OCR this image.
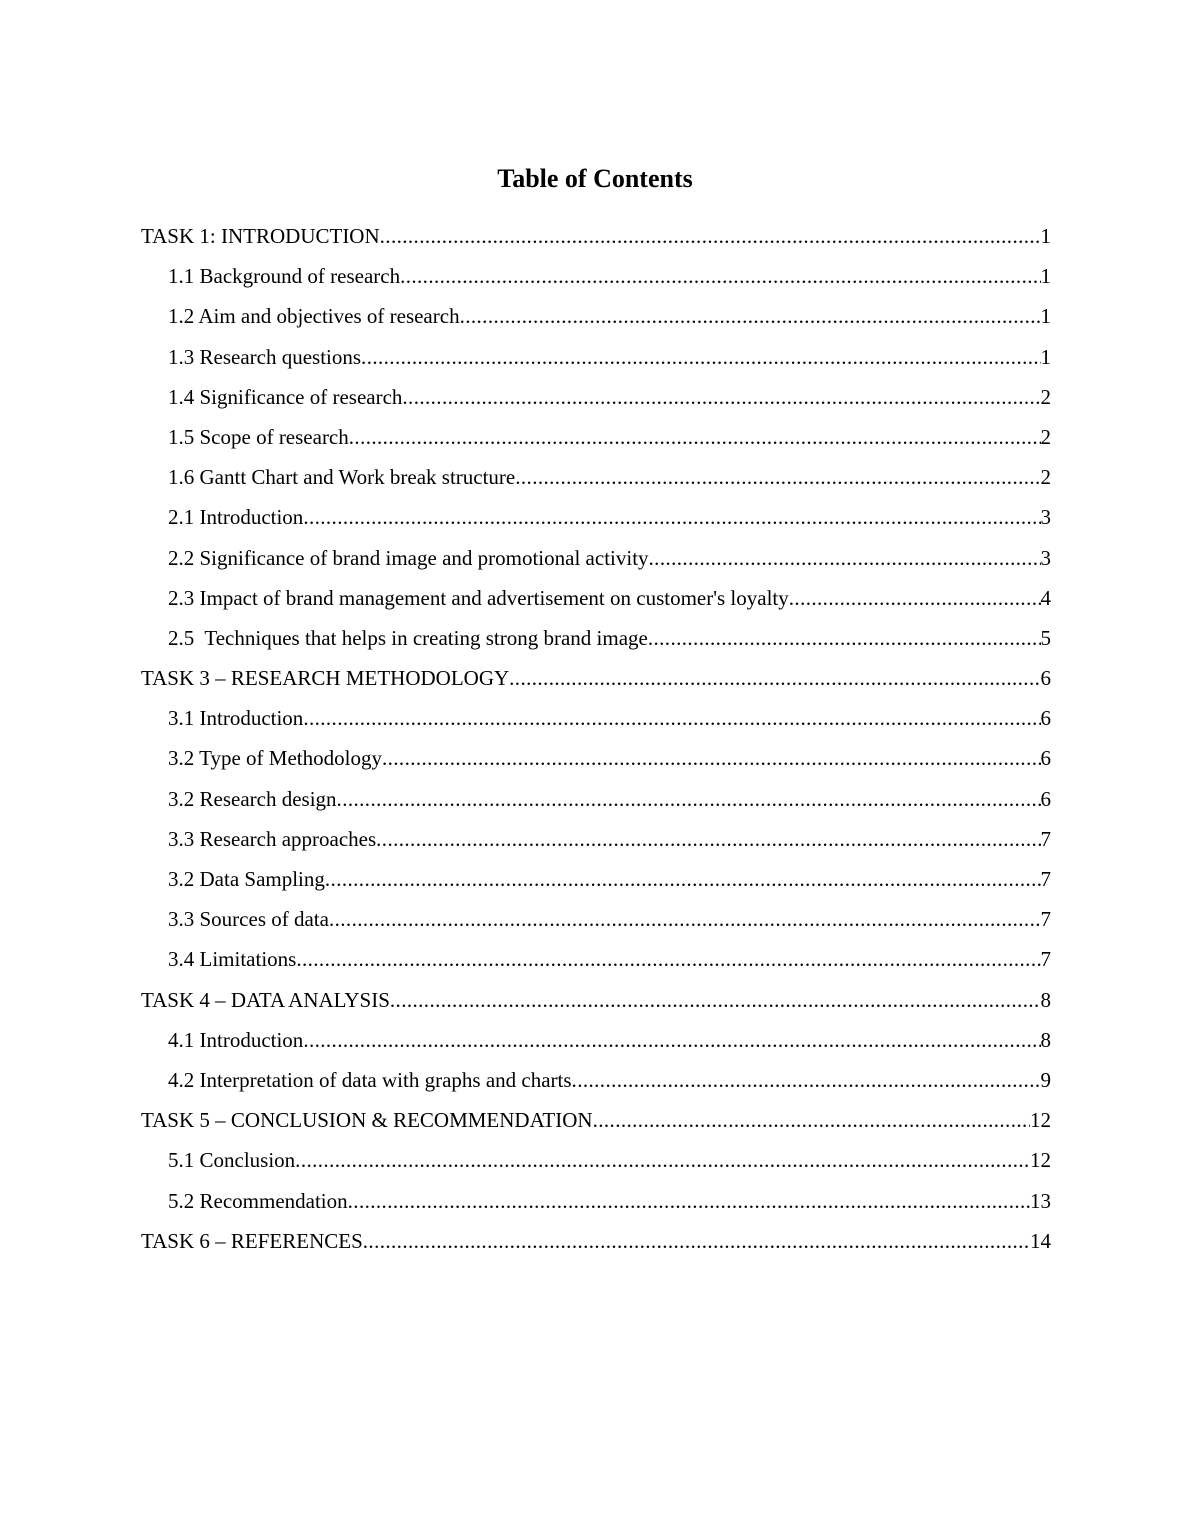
Table of Contents
TASK 1: INTRODUCTION .....	1
1.1 Background of research .....	1
1.2 Aim and objectives of research .....	1
1.3 Research questions .....	1
1.4 Significance of research .....	2
1.5 Scope of research .....	2
1.6 Gantt Chart and Work break structure .....	2
2.1 Introduction .....	3
2.2 Significance of brand image and promotional activity .....	3
2.3 Impact of brand management and advertisement on customer's loyalty .....	4
2.5  Techniques that helps in creating strong brand image .....	5
TASK 3 – RESEARCH METHODOLOGY .....	6
3.1 Introduction .....	6
3.2 Type of Methodology .....	6
3.2 Research design .....	6
3.3 Research approaches .....	7
3.2 Data Sampling .....	7
3.3 Sources of data .....	7
3.4 Limitations .....	7
TASK 4 – DATA ANALYSIS .....	8
4.1 Introduction .....	8
4.2 Interpretation of data with graphs and charts .....	9
TASK 5 – CONCLUSION & RECOMMENDATION .....	12
5.1 Conclusion .....	12
5.2 Recommendation .....	13
TASK 6 – REFERENCES .....	14
